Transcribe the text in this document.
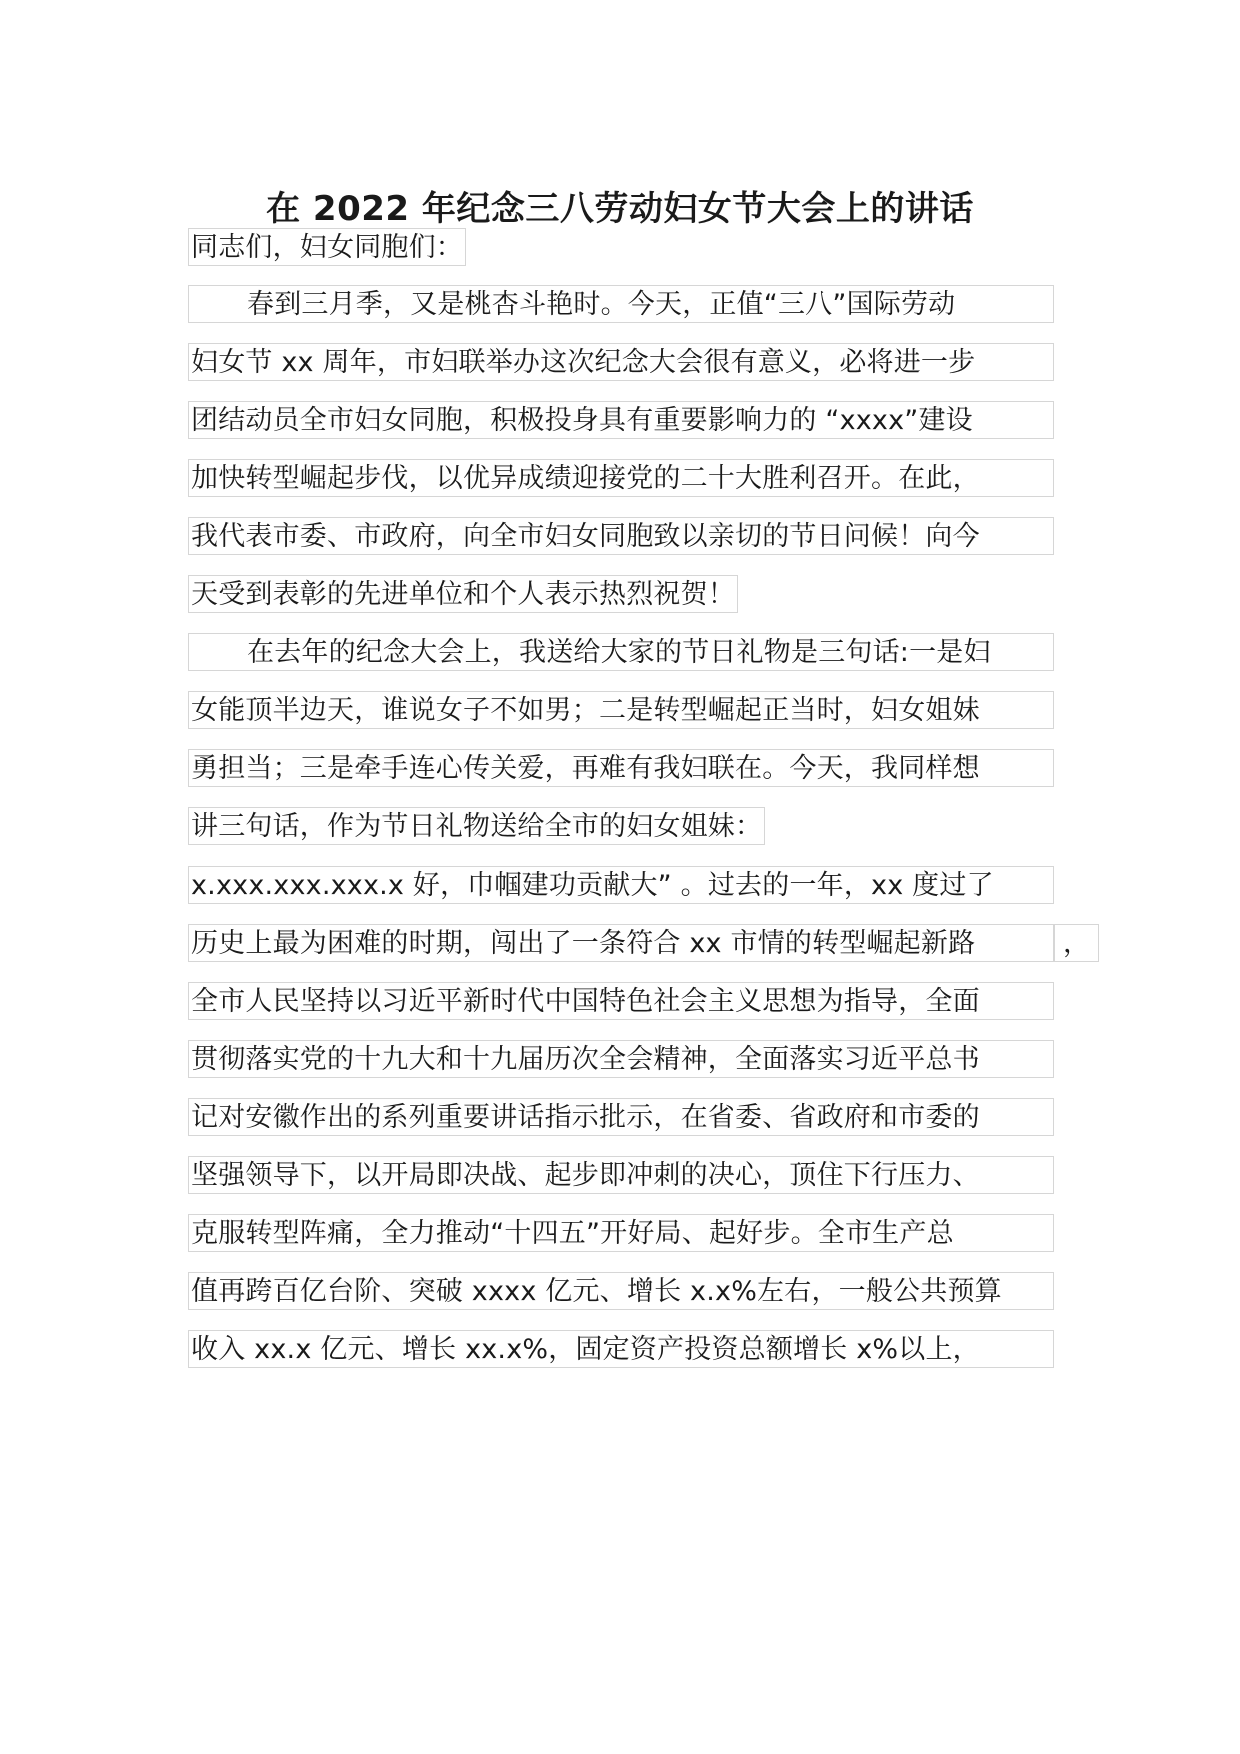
在 2022 年纪念三八劳动妇女节大会上的讲话
同志们，妇女同胞们：
春到三月季，又是桃杏斗艳时。今天，正值“三八”国际劳动
妇女节 xx 周年，市妇联举办这次纪念大会很有意义，必将进一步
团结动员全市妇女同胞，积极投身具有重要影响力的 “xxxx”建设
加快转型崛起步伐，以优异成绩迎接党的二十大胜利召开。在此，
我代表市委、市政府，向全市妇女同胞致以亲切的节日问候！向今
天受到表彰的先进单位和个人表示热烈祝贺！
在去年的纪念大会上，我送给大家的节日礼物是三句话:一是妇
女能顶半边天，谁说女子不如男；二是转型崛起正当时，妇女姐妹
勇担当；三是牵手连心传关爱，再难有我妇联在。今天，我同样想
讲三句话，作为节日礼物送给全市的妇女姐妹：
x.xxx.xxx.xxx.x 好，巾帼建功贡献大” 。过去的一年，xx 度过了
历史上最为困难的时期，闯出了一条符合 xx 市情的转型崛起新路	，
全市人民坚持以习近平新时代中国特色社会主义思想为指导，全面
贯彻落实党的十九大和十九届历次全会精神，全面落实习近平总书
记对安徽作出的系列重要讲话指示批示，在省委、省政府和市委的
坚强领导下，以开局即决战、起步即冲刺的决心，顶住下行压力、
克服转型阵痛，全力推动“十四五”开好局、起好步。全市生产总
值再跨百亿台阶、突破 xxxx 亿元、增长 x.x%左右，一般公共预算
收入 xx.x 亿元、增长 xx.x%，固定资产投资总额增长 x%以上，
